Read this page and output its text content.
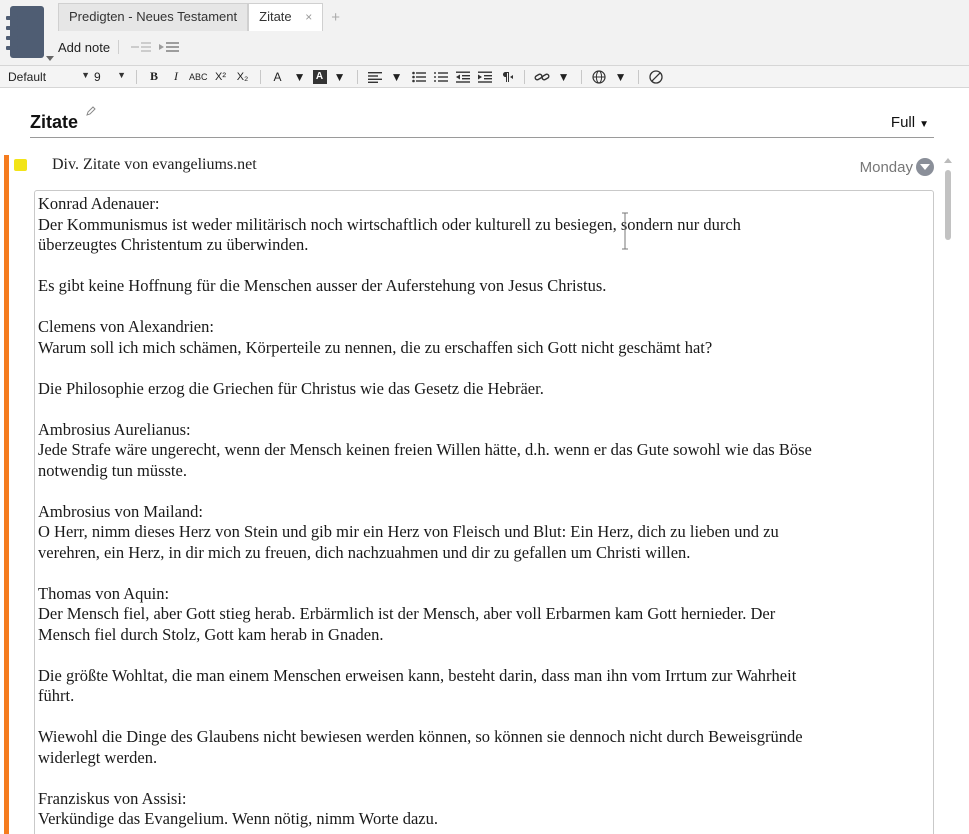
Predigten - Neues Testament	Zitate ×	+
Add note
Default	▼ 9 ▼	B	I	ABC X² X₂	A	▼	A ▼	▼	▼	▼
Zitate	Full ▼
Div. Zitate von evangeliums.net	Monday
Konrad Adenauer:
Der Kommunismus ist weder militärisch noch wirtschaftlich oder kulturell zu besiegen, sondern nur durch
überzeugtes Christentum zu überwinden.
Es gibt keine Hoffnung für die Menschen ausser der Auferstehung von Jesus Christus.
Clemens von Alexandrien:
Warum soll ich mich schämen, Körperteile zu nennen, die zu erschaffen sich Gott nicht geschämt hat?
Die Philosophie erzog die Griechen für Christus wie das Gesetz die Hebräer.
Ambrosius Aurelianus:
Jede Strafe wäre ungerecht, wenn der Mensch keinen freien Willen hätte, d.h. wenn er das Gute sowohl wie das Böse
notwendig tun müsste.
Ambrosius von Mailand:
O Herr, nimm dieses Herz von Stein und gib mir ein Herz von Fleisch und Blut: Ein Herz, dich zu lieben und zu
verehren, ein Herz, in dir mich zu freuen, dich nachzuahmen und dir zu gefallen um Christi willen.
Thomas von Aquin:
Der Mensch fiel, aber Gott stieg herab. Erbärmlich ist der Mensch, aber voll Erbarmen kam Gott hernieder. Der
Mensch fiel durch Stolz, Gott kam herab in Gnaden.
Die größte Wohltat, die man einem Menschen erweisen kann, besteht darin, dass man ihn vom Irrtum zur Wahrheit
führt.
Wiewohl die Dinge des Glaubens nicht bewiesen werden können, so können sie dennoch nicht durch Beweisgründe
widerlegt werden.
Franziskus von Assisi:
Verkündige das Evangelium. Wenn nötig, nimm Worte dazu.
